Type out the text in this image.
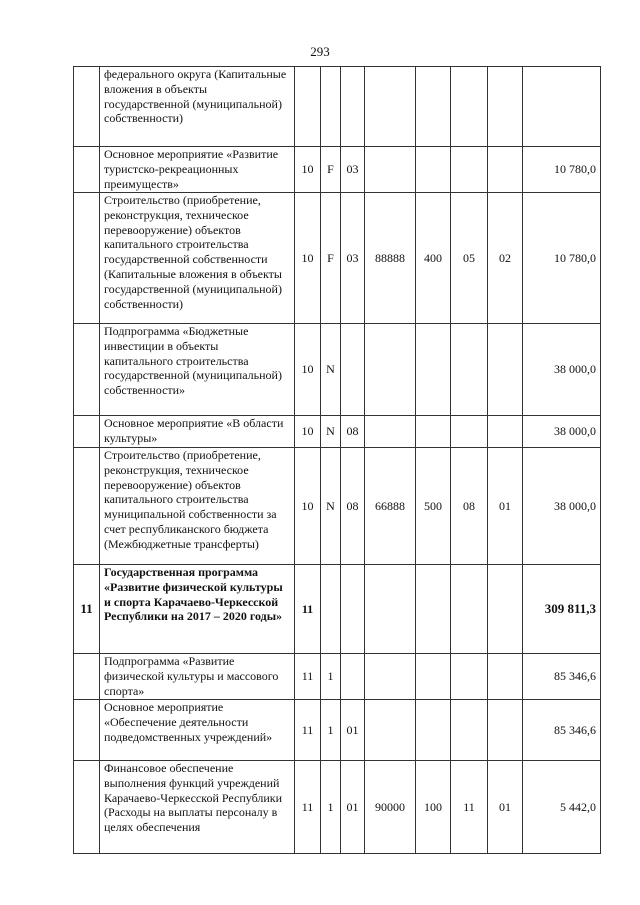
293
	федерального округа (Капитальные вложения в объекты государственной (муниципальной) собственности)								
	Основное мероприятие «Развитие туристско-рекреационных преимуществ»	10	F	03					10 780,0
	Строительство (приобретение, реконструкция, техническое перевооружение) объектов капитального строительства государственной собственности (Капитальные вложения в объекты государственной (муниципальной) собственности)	10	F	03	88888	400	05	02	10 780,0
	Подпрограмма «Бюджетные инвестиции в объекты капитального строительства государственной (муниципальной) собственности»	10	N						38 000,0
	Основное мероприятие «В области культуры»	10	N	08					38 000,0
	Строительство (приобретение, реконструкция, техническое перевооружение) объектов капитального строительства муниципальной собственности за счет республиканского бюджета (Межбюджетные трансферты)	10	N	08	66888	500	08	01	38 000,0
11	Государственная программа «Развитие физической культуры и спорта Карачаево-Черкесской Республики на 2017 – 2020 годы»	11							309 811,3
	Подпрограмма «Развитие физической культуры и массового спорта»	11	1						85 346,6
	Основное мероприятие «Обеспечение деятельности подведомственных учреждений»	11	1	01					85 346,6
	Финансовое обеспечение выполнения функций учреждений Карачаево-Черкесской Республики (Расходы на выплаты персоналу в целях обеспечения	11	1	01	90000	100	11	01	5 442,0
